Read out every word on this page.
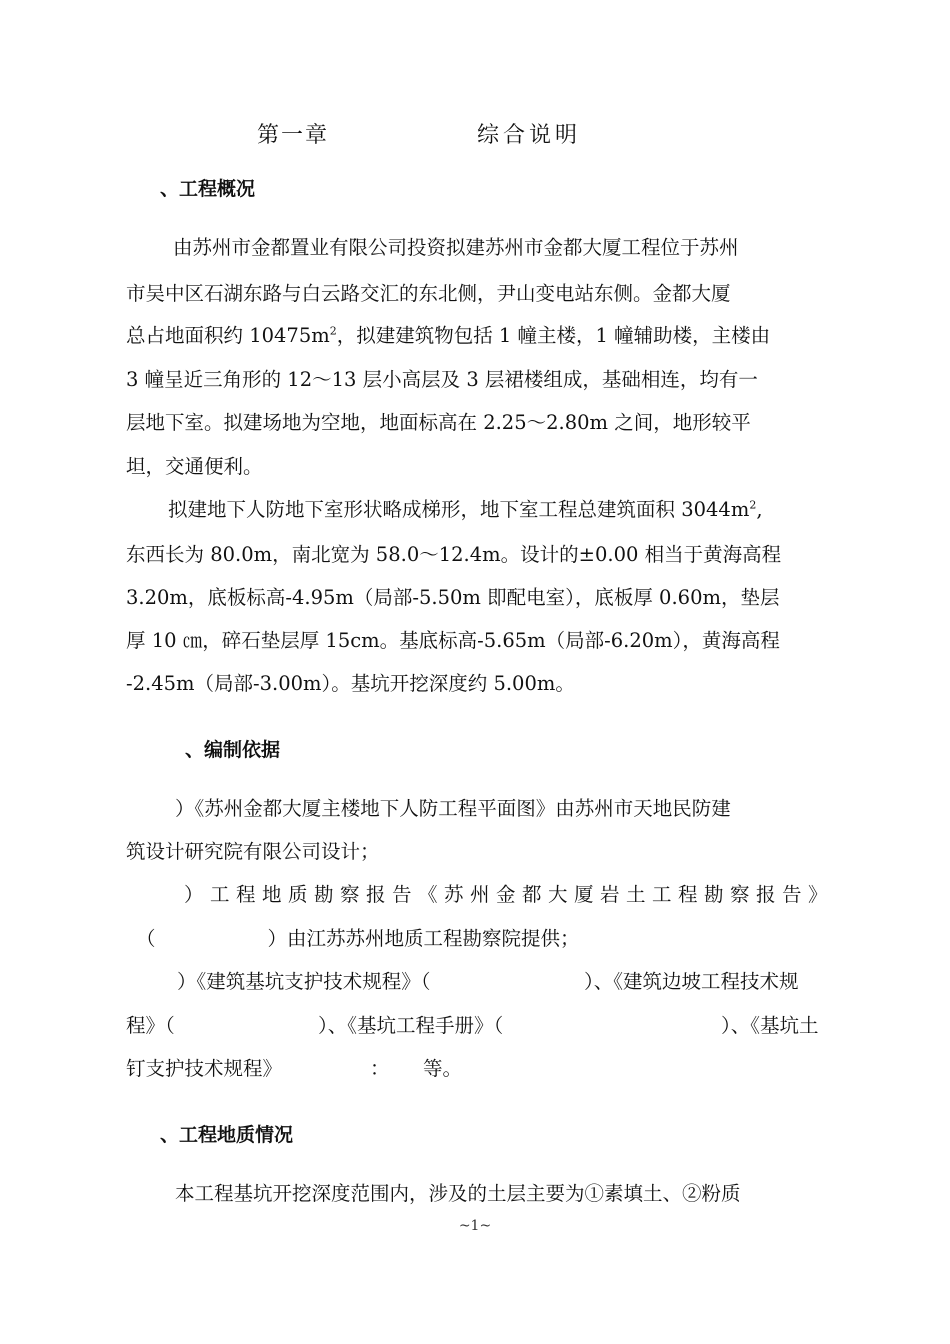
第一章	综合说明
、工程概况
由苏州市金都置业有限公司投资拟建苏州市金都大厦工程位于苏州
市吴中区石湖东路与白云路交汇的东北侧，尹山变电站东侧。金都大厦
总占地面积约 $10475m^2$，拟建建筑物包括 1 幢主楼，1 幢辅助楼，主楼由
3 幢呈近三角形的 12～13 层小高层及 3 层裙楼组成，基础相连，均有一
层地下室。拟建场地为空地，地面标高在 2.25～2.80m 之间，地形较平
坦，交通便利。
拟建地下人防地下室形状略成梯形，地下室工程总建筑面积 $3044m^2$,
东西长为 80.0m，南北宽为 58.0～12.4m。设计的±0.00 相当于黄海高程
3.20m，底板标高-4.95m（局部-5.50m 即配电室），底板厚 0.60m，垫层
厚 10 ㎝，碎石垫层厚 15cm。基底标高-5.65m（局部-6.20m），黄海高程
-2.45m（局部-3.00m）。基坑开挖深度约 5.00m。
、编制依据
）《苏州金都大厦主楼地下人防工程平面图》由苏州市天地民防建
筑设计研究院有限公司设计；
）工程地质勘察报告《苏州金都大厦岩土工程勘察报告》
（	）由江苏苏州地质工程勘察院提供；
）《建筑基坑支护技术规程》（	）、《建筑边坡工程技术规
程》（	）、《基坑工程手册》（	）、《基坑土
钉支护技术规程》	： 等。
、工程地质情况
本工程基坑开挖深度范围内，涉及的土层主要为①素填土、②粉质
~1~
